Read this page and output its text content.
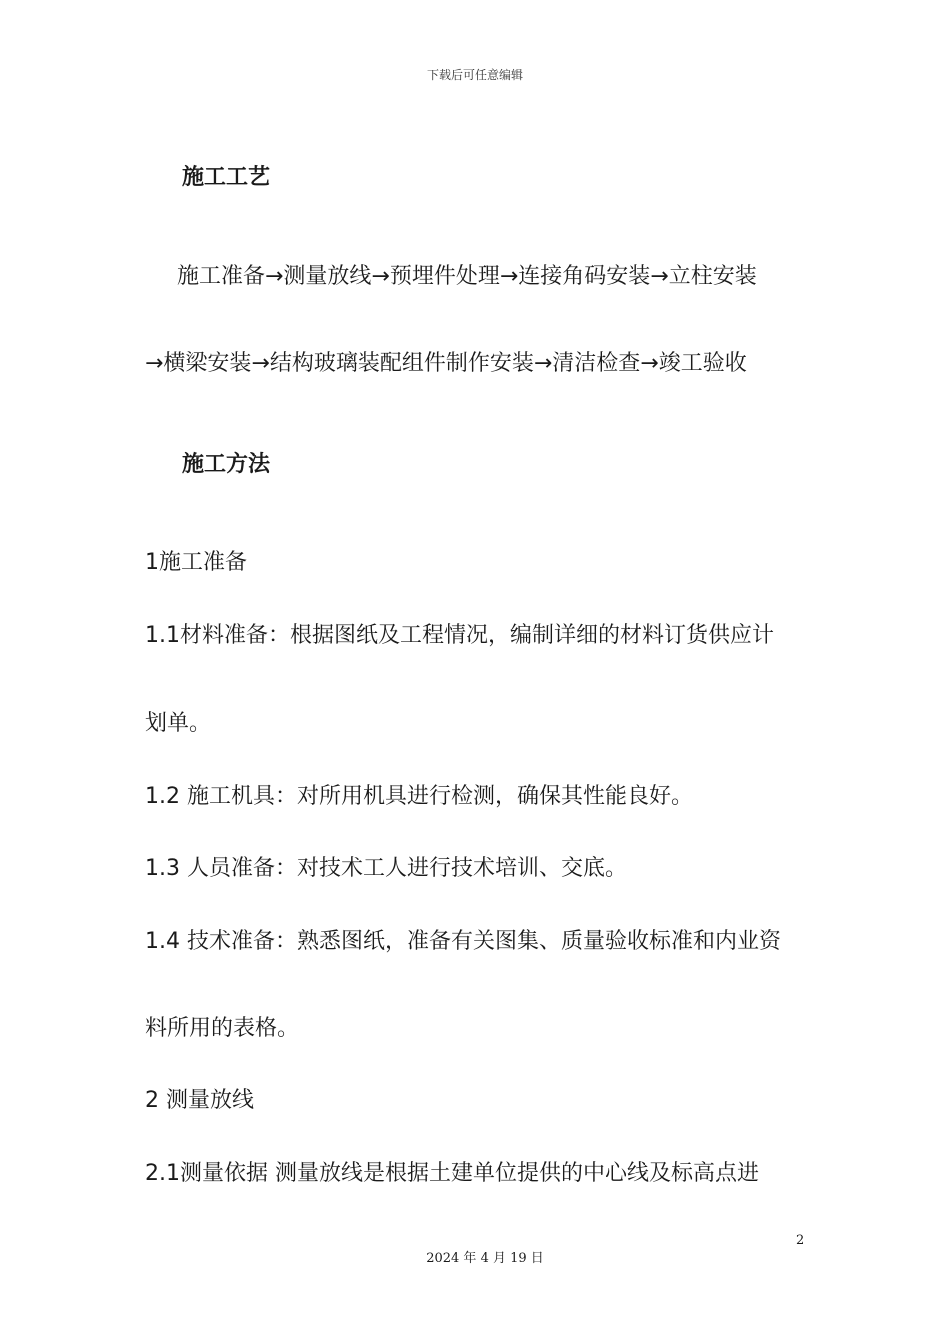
下载后可任意编辑
施工工艺
施工准备→测量放线→预埋件处理→连接角码安装→立柱安装
→横梁安装→结构玻璃装配组件制作安装→清洁检查→竣工验收
施工方法
1施工准备
1.1材料准备：根据图纸及工程情况，编制详细的材料订货供应计
划单。
1.2 施工机具：对所用机具进行检测，确保其性能良好。
1.3 人员准备：对技术工人进行技术培训、交底。
1.4 技术准备：熟悉图纸，准备有关图集、质量验收标准和内业资
料所用的表格。
2 测量放线
2.1测量依据 测量放线是根据土建单位提供的中心线及标高点进
2
2024 年 4 月 19 日
